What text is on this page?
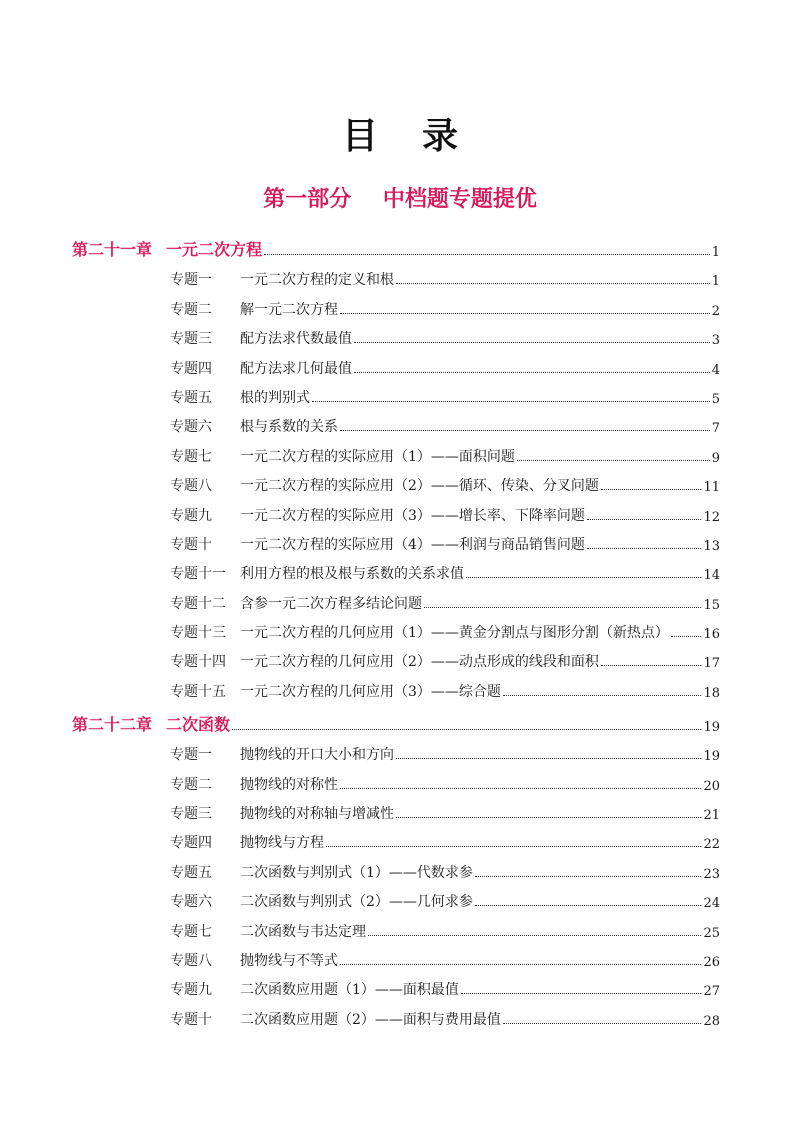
目录
第一部分 中档题专题提优
第二十一章 一元二次方程	1
专题一 一元二次方程的定义和根	1
专题二 解一元二次方程	2
专题三 配方法求代数最值	3
专题四 配方法求几何最值	4
专题五 根的判别式	5
专题六 根与系数的关系	7
专题七 一元二次方程的实际应用（1）——面积问题	9
专题八 一元二次方程的实际应用（2）——循环、传染、分叉问题	11
专题九 一元二次方程的实际应用（3）——增长率、下降率问题	12
专题十 一元二次方程的实际应用（4）——利润与商品销售问题	13
专题十一 利用方程的根及根与系数的关系求值	14
专题十二 含参一元二次方程多结论问题	15
专题十三 一元二次方程的几何应用（1）——黄金分割点与图形分割（新热点）	16
专题十四 一元二次方程的几何应用（2）——动点形成的线段和面积	17
专题十五 一元二次方程的几何应用（3）——综合题	18
第二十二章 二次函数	19
专题一 抛物线的开口大小和方向	19
专题二 抛物线的对称性	20
专题三 抛物线的对称轴与增减性	21
专题四 抛物线与方程	22
专题五 二次函数与判别式（1）——代数求参	23
专题六 二次函数与判别式（2）——几何求参	24
专题七 二次函数与韦达定理	25
专题八 抛物线与不等式	26
专题九 二次函数应用题（1）——面积最值	27
专题十 二次函数应用题（2）——面积与费用最值	28
